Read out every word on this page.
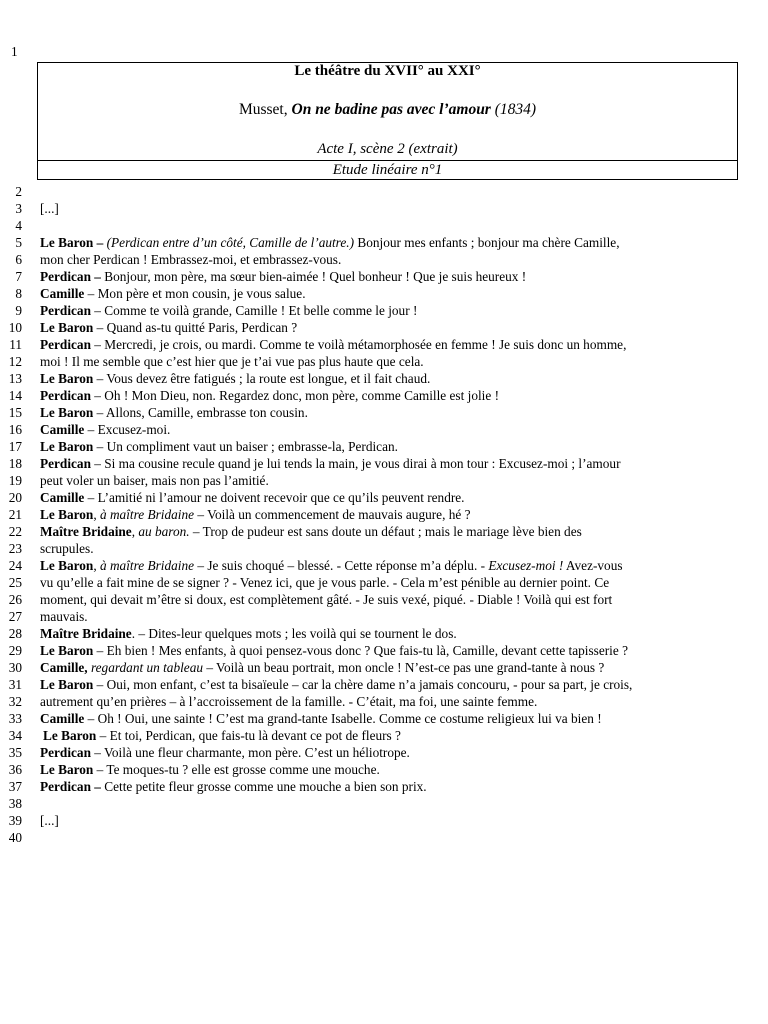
1
Le théâtre du XVII° au XXI°
Musset, On ne badine pas avec l’amour (1834)
Acte I, scène 2 (extrait)
Etude linéaire n°1
2
3 [...]
4
5 Le Baron – (Perdican entre d’un côté, Camille de l’autre.) Bonjour mes enfants ; bonjour ma chère Camille,
6 mon cher Perdican ! Embrassez-moi, et embrassez-vous.
7 Perdican – Bonjour, mon père, ma sœur bien-aimée ! Quel bonheur ! Que je suis heureux !
8 Camille – Mon père et mon cousin, je vous salue.
9 Perdican – Comme te voilà grande, Camille ! Et belle comme le jour !
10 Le Baron – Quand as-tu quitté Paris, Perdican ?
11 Perdican – Mercredi, je crois, ou mardi. Comme te voilà métamorphosée en femme ! Je suis donc un homme,
12 moi ! Il me semble que c’est hier que je t’ai vue pas plus haute que cela.
13 Le Baron – Vous devez être fatigués ; la route est longue, et il fait chaud.
14 Perdican – Oh ! Mon Dieu, non. Regardez donc, mon père, comme Camille est jolie !
15 Le Baron – Allons, Camille, embrasse ton cousin.
16 Camille – Excusez-moi.
17 Le Baron – Un compliment vaut un baiser ; embrasse-la, Perdican.
18 Perdican – Si ma cousine recule quand je lui tends la main, je vous dirai à mon tour : Excusez-moi ; l’amour
19 peut voler un baiser, mais non pas l’amitié.
20 Camille – L’amitié ni l’amour ne doivent recevoir que ce qu’ils peuvent rendre.
21 Le Baron, à maître Bridaine – Voilà un commencement de mauvais augure, hé ?
22 Maître Bridaine, au baron. – Trop de pudeur est sans doute un défaut ; mais le mariage lève bien des
23 scrupules.
24 Le Baron, à maître Bridaine – Je suis choqué – blessé. - Cette réponse m’a déplu. - Excusez-moi ! Avez-vous
25 vu qu’elle a fait mine de se signer ? - Venez ici, que je vous parle. - Cela m’est pénible au dernier point. Ce
26 moment, qui devait m’être si doux, est complètement gâté. - Je suis vexé, piqué. - Diable ! Voilà qui est fort
27 mauvais.
28 Maître Bridaine. – Dites-leur quelques mots ; les voilà qui se tournent le dos.
29 Le Baron – Eh bien ! Mes enfants, à quoi pensez-vous donc ? Que fais-tu là, Camille, devant cette tapisserie ?
30 Camille, regardant un tableau – Voilà un beau portrait, mon oncle ! N’est-ce pas une grand-tante à nous ?
31 Le Baron – Oui, mon enfant, c’est ta bisaïeule – car la chère dame n’a jamais concouru, - pour sa part, je crois,
32 autrement qu’en prières – à l’accroissement de la famille. - C’était, ma foi, une sainte femme.
33 Camille – Oh ! Oui, une sainte ! C’est ma grand-tante Isabelle. Comme ce costume religieux lui va bien !
34 Le Baron – Et toi, Perdican, que fais-tu là devant ce pot de fleurs ?
35 Perdican – Voilà une fleur charmante, mon père. C’est un héliotrope.
36 Le Baron – Te moques-tu ? elle est grosse comme une mouche.
37 Perdican – Cette petite fleur grosse comme une mouche a bien son prix.
38
39 [...]
40
